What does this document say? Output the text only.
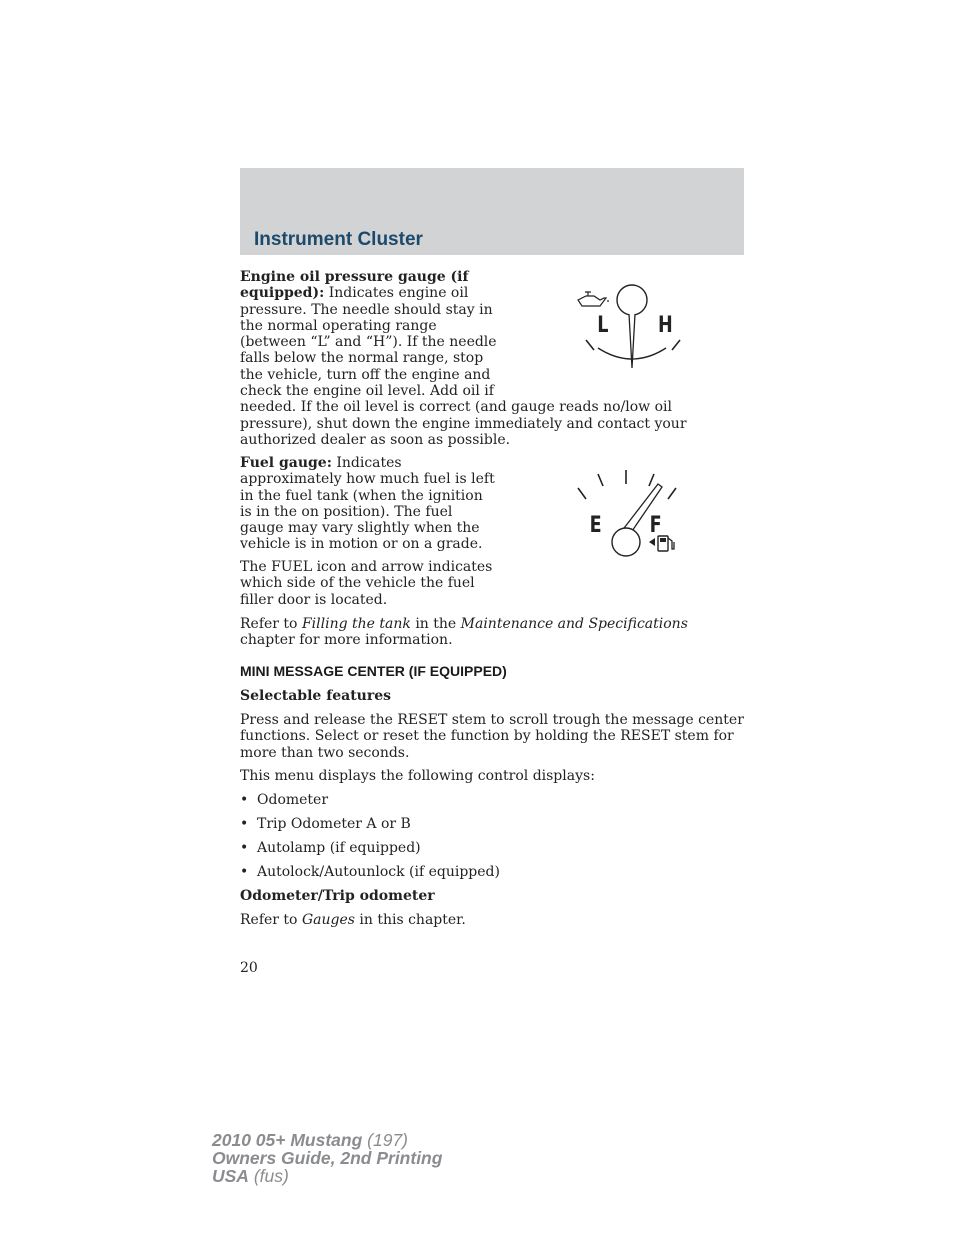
Instrument Cluster

Engine oil pressure gauge (if equipped): Indicates engine oil pressure. The needle should stay in the normal operating range (between “L” and “H”). If the needle falls below the normal range, stop the vehicle, turn off the engine and check the engine oil level. Add oil if
needed. If the oil level is correct (and gauge reads no/low oil pressure), shut down the engine immediately and contact your authorized dealer as soon as possible.

L H

Fuel gauge: Indicates approximately how much fuel is left in the fuel tank (when the ignition is in the on position). The fuel gauge may vary slightly when the vehicle is in motion or on a grade.

The FUEL icon and arrow indicates which side of the vehicle the fuel filler door is located.

E F

Refer to Filling the tank in the Maintenance and Specifications
chapter for more information.

MINI MESSAGE CENTER (IF EQUIPPED)
Selectable features

Press and release the RESET stem to scroll trough the message center functions. Select or reset the function by holding the RESET stem for more than two seconds.

This menu displays the following control displays:

• Odometer
• Trip Odometer A or B
• Autolamp (if equipped)
• Autolock/Autounlock (if equipped)
Odometer/Trip odometer

Refer to Gauges in this chapter.

20
2010 05+ Mustang (197)
Owners Guide, 2nd Printing
USA (fus)
